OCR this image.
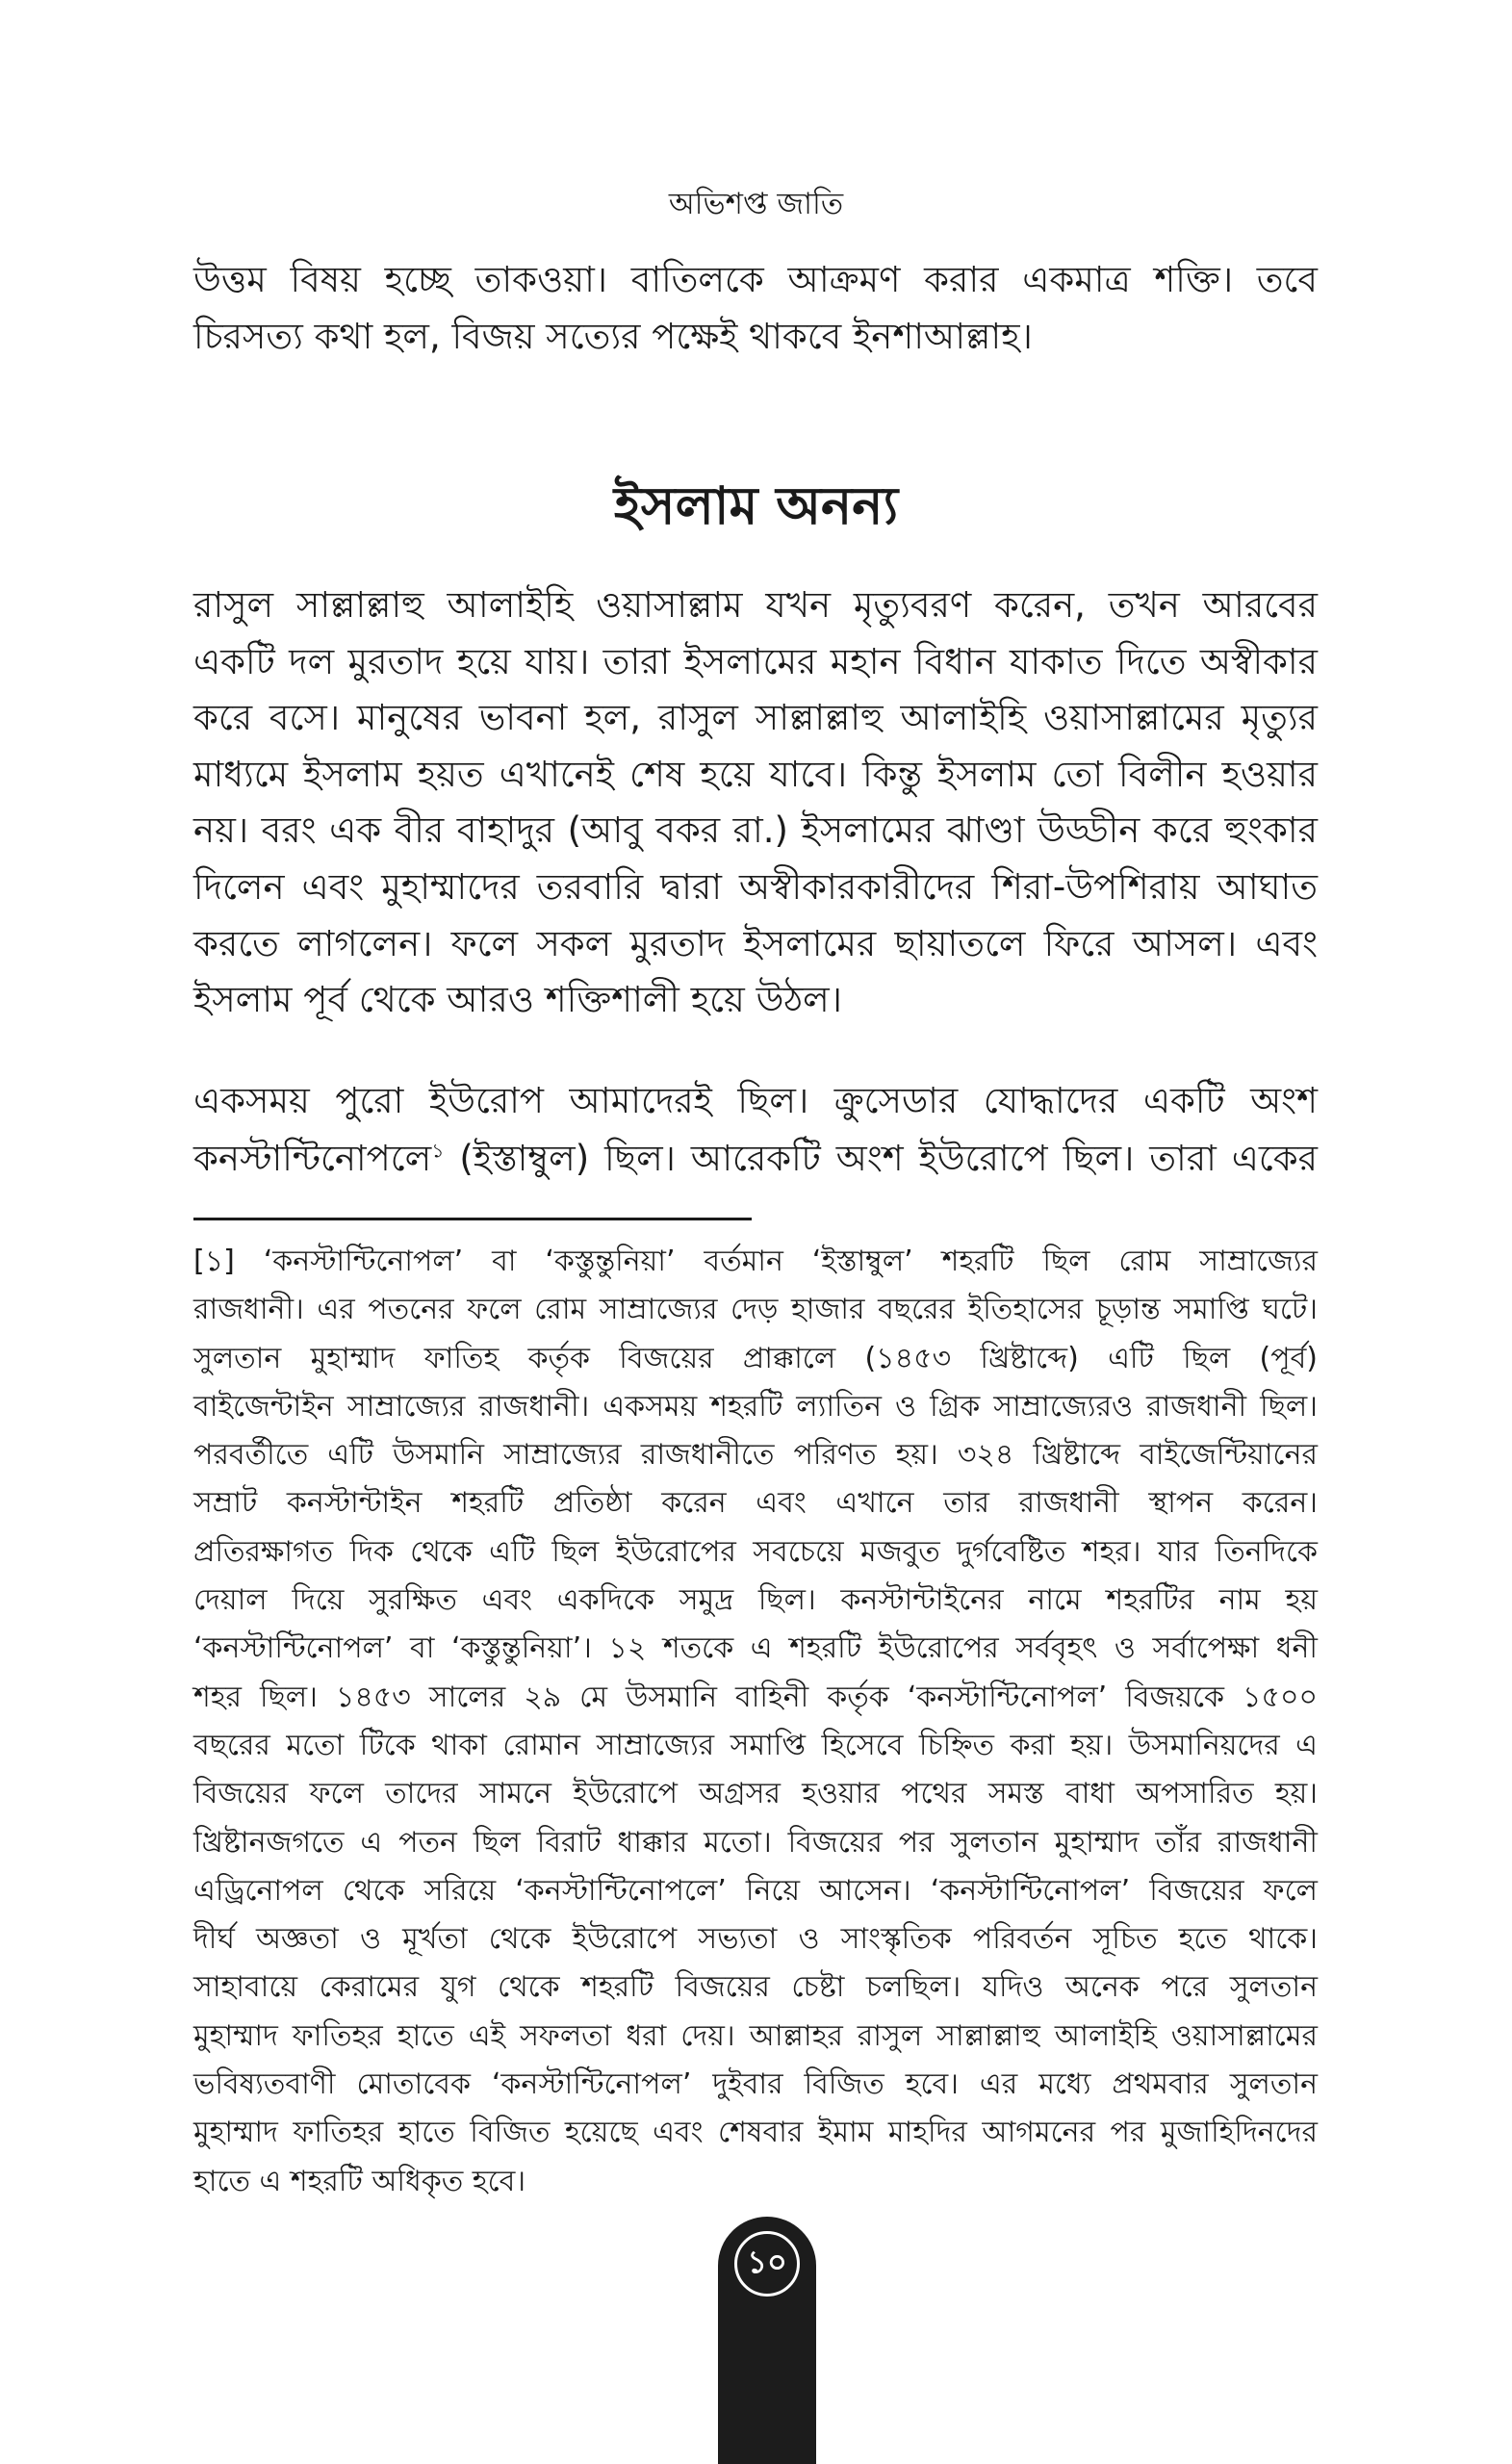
অভিশপ্ত জাতি
উত্তম বিষয় হচ্ছে তাকওয়া। বাতিলকে আক্রমণ করার একমাত্র শক্তি। তবে
চিরসত্য কথা হল, বিজয় সত্যের পক্ষেই থাকবে ইনশাআল্লাহ।
ইসলাম অনন্য
রাসুল সাল্লাল্লাহু আলাইহি ওয়াসাল্লাম যখন মৃত্যুবরণ করেন, তখন আরবের
একটি দল মুরতাদ হয়ে যায়। তারা ইসলামের মহান বিধান যাকাত দিতে অস্বীকার
করে বসে। মানুষের ভাবনা হল, রাসুল সাল্লাল্লাহু আলাইহি ওয়াসাল্লামের মৃত্যুর
মাধ্যমে ইসলাম হয়ত এখানেই শেষ হয়ে যাবে। কিন্তু ইসলাম তো বিলীন হওয়ার
নয়। বরং এক বীর বাহাদুর (আবু বকর রা.) ইসলামের ঝাণ্ডা উড্ডীন করে হুংকার
দিলেন এবং মুহাম্মাদের তরবারি দ্বারা অস্বীকারকারীদের শিরা-উপশিরায় আঘাত
করতে লাগলেন। ফলে সকল মুরতাদ ইসলামের ছায়াতলে ফিরে আসল। এবং
ইসলাম পূর্ব থেকে আরও শক্তিশালী হয়ে উঠল।
একসময় পুরো ইউরোপ আমাদেরই ছিল। ক্রুসেডার যোদ্ধাদের একটি অংশ
কনস্টান্টিনোপলে$^১$ (ইস্তাম্বুল) ছিল। আরেকটি অংশ ইউরোপে ছিল। তারা একের
[১] ‘কনস্টান্টিনোপল’ বা ‘কস্তুন্তুনিয়া’ বর্তমান ‘ইস্তাম্বুল’ শহরটি ছিল রোম সাম্রাজ্যের
রাজধানী। এর পতনের ফলে রোম সাম্রাজ্যের দেড় হাজার বছরের ইতিহাসের চূড়ান্ত সমাপ্তি ঘটে।
সুলতান মুহাম্মাদ ফাতিহ কর্তৃক বিজয়ের প্রাক্কালে (১৪৫৩ খ্রিষ্টাব্দে) এটি ছিল (পূর্ব)
বাইজেন্টাইন সাম্রাজ্যের রাজধানী। একসময় শহরটি ল্যাতিন ও গ্রিক সাম্রাজ্যেরও রাজধানী ছিল।
পরবর্তীতে এটি উসমানি সাম্রাজ্যের রাজধানীতে পরিণত হয়। ৩২৪ খ্রিষ্টাব্দে বাইজেন্টিয়ানের
সম্রাট কনস্টান্টাইন শহরটি প্রতিষ্ঠা করেন এবং এখানে তার রাজধানী স্থাপন করেন।
প্রতিরক্ষাগত দিক থেকে এটি ছিল ইউরোপের সবচেয়ে মজবুত দুর্গবেষ্টিত শহর। যার তিনদিকে
দেয়াল দিয়ে সুরক্ষিত এবং একদিকে সমুদ্র ছিল। কনস্টান্টাইনের নামে শহরটির নাম হয়
‘কনস্টান্টিনোপল’ বা ‘কস্তুন্তুনিয়া’। ১২ শতকে এ শহরটি ইউরোপের সর্ববৃহৎ ও সর্বাপেক্ষা ধনী
শহর ছিল। ১৪৫৩ সালের ২৯ মে উসমানি বাহিনী কর্তৃক ‘কনস্টান্টিনোপল’ বিজয়কে ১৫০০
বছরের মতো টিকে থাকা রোমান সাম্রাজ্যের সমাপ্তি হিসেবে চিহ্নিত করা হয়। উসমানিয়দের এ
বিজয়ের ফলে তাদের সামনে ইউরোপে অগ্রসর হওয়ার পথের সমস্ত বাধা অপসারিত হয়।
খ্রিষ্টানজগতে এ পতন ছিল বিরাট ধাক্কার মতো। বিজয়ের পর সুলতান মুহাম্মাদ তাঁর রাজধানী
এড্রিনোপল থেকে সরিয়ে ‘কনস্টান্টিনোপলে’ নিয়ে আসেন। ‘কনস্টান্টিনোপল’ বিজয়ের ফলে
দীর্ঘ অজ্ঞতা ও মূর্খতা থেকে ইউরোপে সভ্যতা ও সাংস্কৃতিক পরিবর্তন সূচিত হতে থাকে।
সাহাবায়ে কেরামের যুগ থেকে শহরটি বিজয়ের চেষ্টা চলছিল। যদিও অনেক পরে সুলতান
মুহাম্মাদ ফাতিহর হাতে এই সফলতা ধরা দেয়। আল্লাহর রাসুল সাল্লাল্লাহু আলাইহি ওয়াসাল্লামের
ভবিষ্যতবাণী মোতাবেক ‘কনস্টান্টিনোপল’ দুইবার বিজিত হবে। এর মধ্যে প্রথমবার সুলতান
মুহাম্মাদ ফাতিহর হাতে বিজিত হয়েছে এবং শেষবার ইমাম মাহদির আগমনের পর মুজাহিদিনদের
হাতে এ শহরটি অধিকৃত হবে।
১০
